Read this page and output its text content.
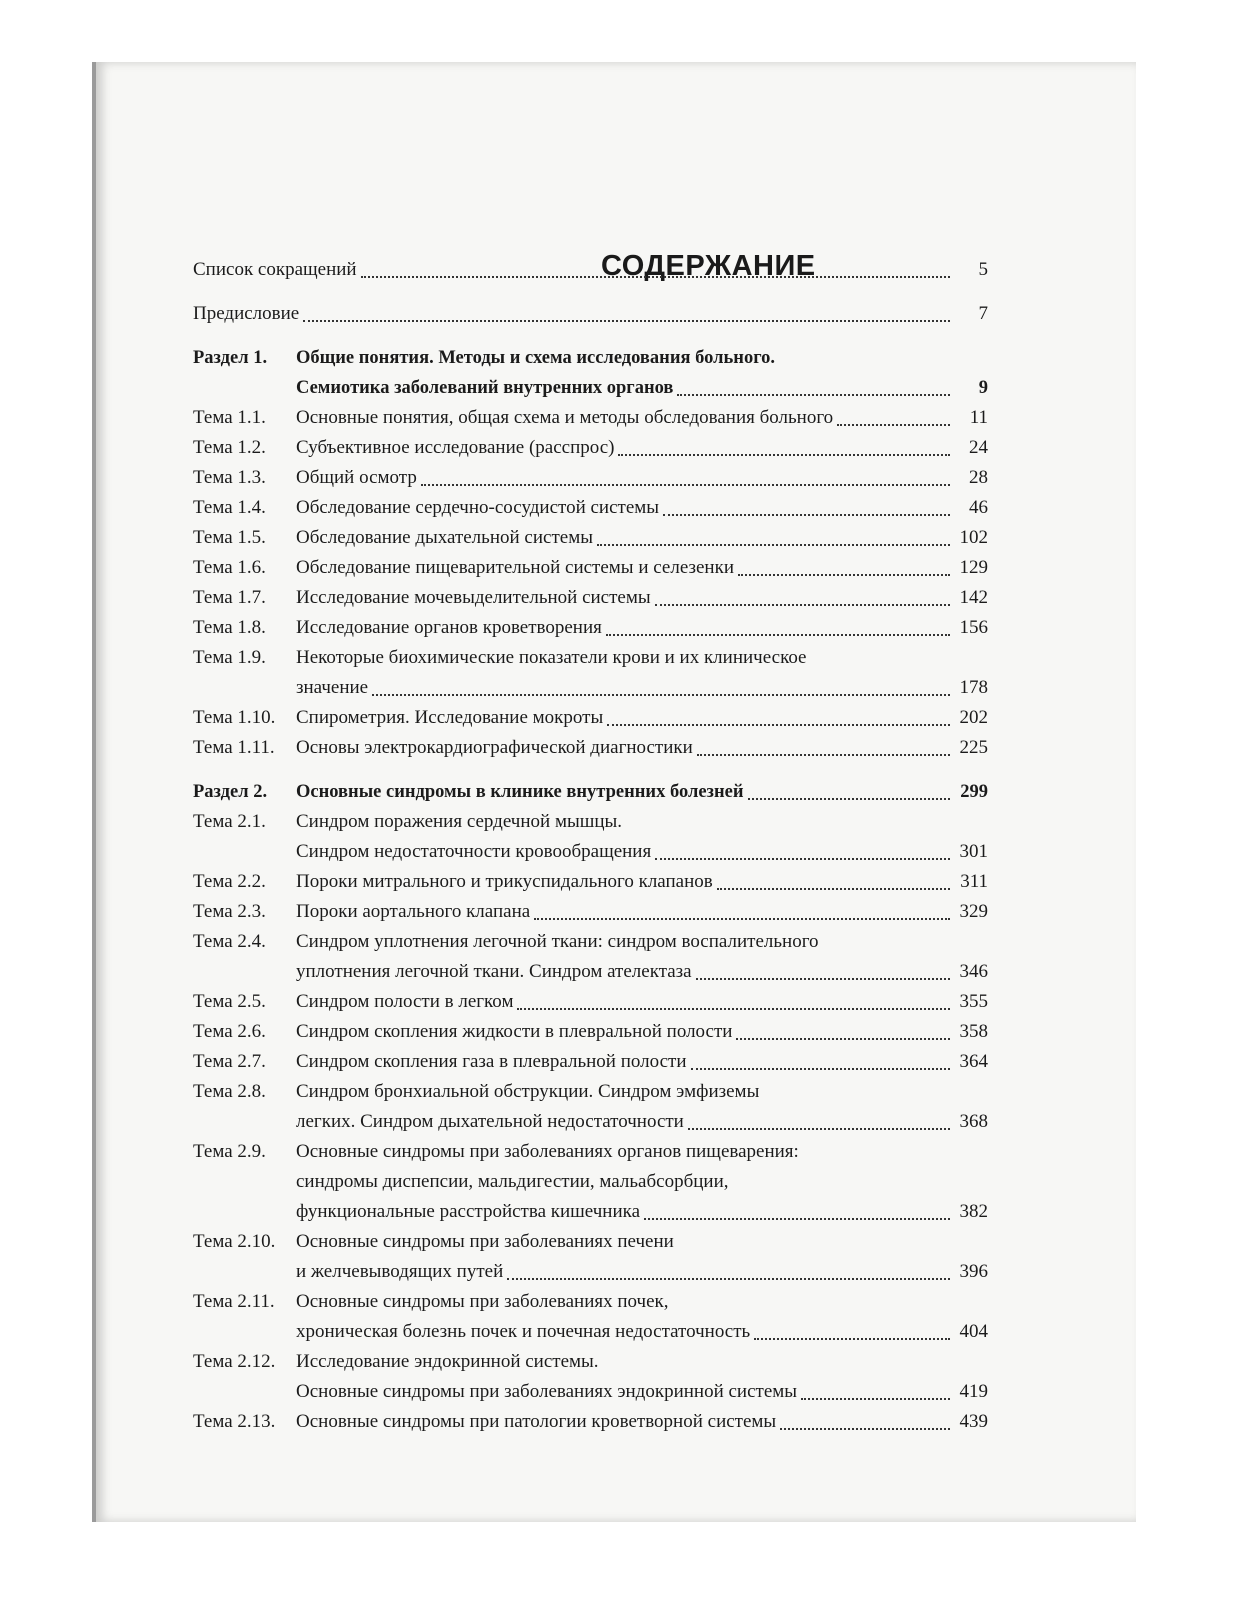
СОДЕРЖАНИЕ
Список сокращений	5
Предисловие	7
Раздел 1.	Общие понятия. Методы и схема исследования больного.
Семиотика заболеваний внутренних органов	9
Тема 1.1.	Основные понятия, общая схема и методы обследования больного	11
Тема 1.2.	Субъективное исследование (расспрос)	24
Тема 1.3.	Общий осмотр	28
Тема 1.4.	Обследование сердечно-сосудистой системы	46
Тема 1.5.	Обследование дыхательной системы	102
Тема 1.6.	Обследование пищеварительной системы и селезенки	129
Тема 1.7.	Исследование мочевыделительной системы	142
Тема 1.8.	Исследование органов кроветворения	156
Тема 1.9.	Некоторые биохимические показатели крови и их клиническое
значение	178
Тема 1.10.	Спирометрия. Исследование мокроты	202
Тема 1.11.	Основы электрокардиографической диагностики	225
Раздел 2.	Основные синдромы в клинике внутренних болезней	299
Тема 2.1.	Синдром поражения сердечной мышцы.
Синдром недостаточности кровообращения	301
Тема 2.2.	Пороки митрального и трикуспидального клапанов	311
Тема 2.3.	Пороки аортального клапана	329
Тема 2.4.	Синдром уплотнения легочной ткани: синдром воспалительного
уплотнения легочной ткани. Синдром ателектаза	346
Тема 2.5.	Синдром полости в легком	355
Тема 2.6.	Синдром скопления жидкости в плевральной полости	358
Тема 2.7.	Синдром скопления газа в плевральной полости	364
Тема 2.8.	Синдром бронхиальной обструкции. Синдром эмфиземы
легких. Синдром дыхательной недостаточности	368
Тема 2.9.	Основные синдромы при заболеваниях органов пищеварения:
синдромы диспепсии, мальдигестии, мальабсорбции,
функциональные расстройства кишечника	382
Тема 2.10.	Основные синдромы при заболеваниях печени
и желчевыводящих путей	396
Тема 2.11.	Основные синдромы при заболеваниях почек,
хроническая болезнь почек и почечная недостаточность	404
Тема 2.12.	Исследование эндокринной системы.
Основные синдромы при заболеваниях эндокринной системы	419
Тема 2.13.	Основные синдромы при патологии кроветворной системы	439
